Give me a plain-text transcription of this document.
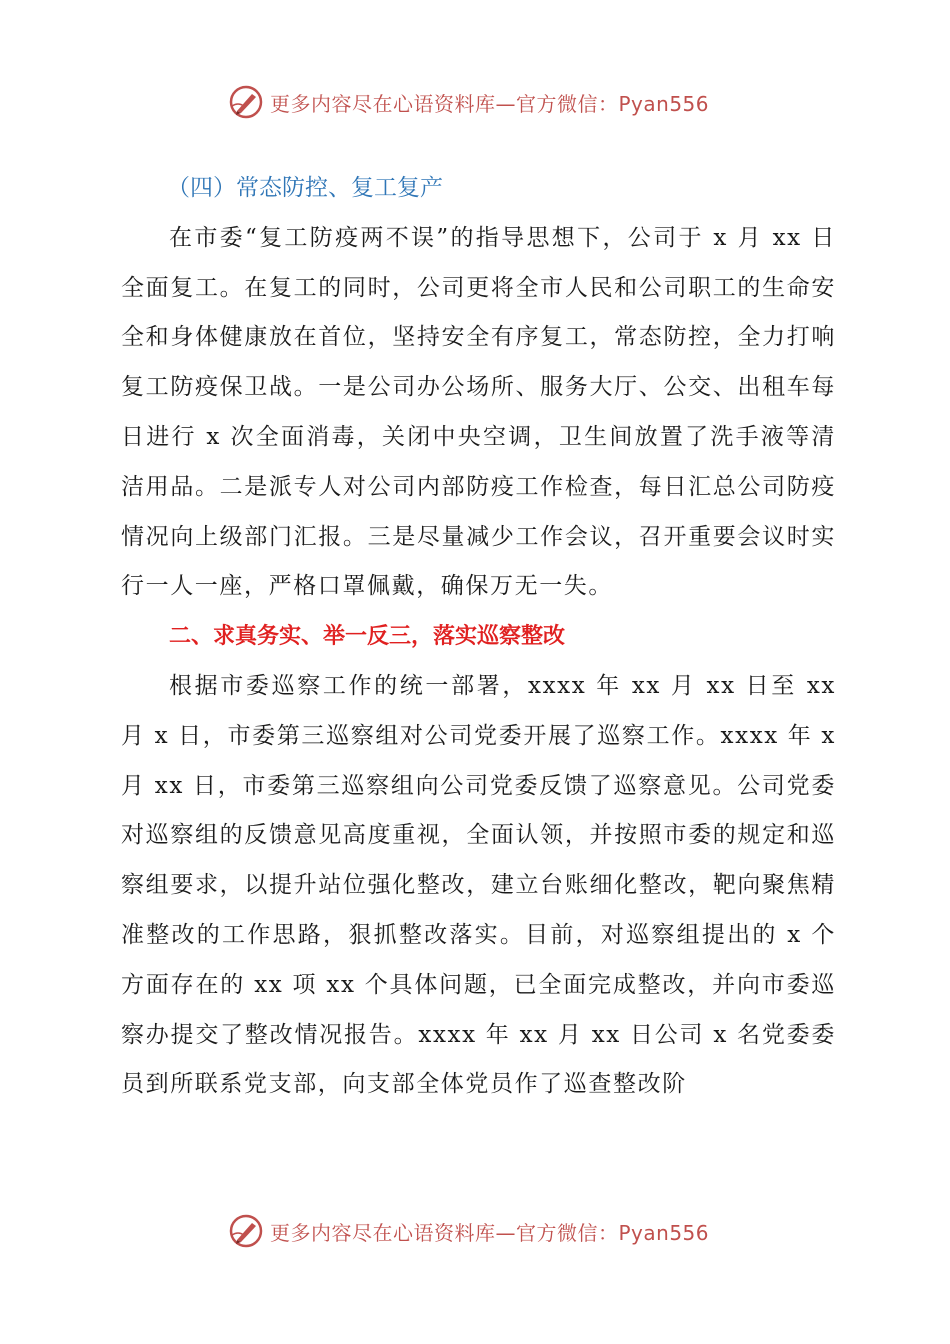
更多内容尽在心语资料库—官方微信：Pyan556
（四）常态防控、复工复产

在市委“复工防疫两不误”的指导思想下，公司于 x 月 xx 日全面复工。在复工的同时，公司更将全市人民和公司职工的生命安全和身体健康放在首位，坚持安全有序复工，常态防控，全力打响复工防疫保卫战。一是公司办公场所、服务大厅、公交、出租车每日进行 x 次全面消毒，关闭中央空调，卫生间放置了洗手液等清洁用品。二是派专人对公司内部防疫工作检查，每日汇总公司防疫情况向上级部门汇报。三是尽量减少工作会议，召开重要会议时实行一人一座，严格口罩佩戴，确保万无一失。

二、求真务实、举一反三，落实巡察整改

根据市委巡察工作的统一部署，xxxx 年 xx 月 xx 日至 xx 月 x 日，市委第三巡察组对公司党委开展了巡察工作。xxxx 年 x 月 xx 日，市委第三巡察组向公司党委反馈了巡察意见。公司党委对巡察组的反馈意见高度重视，全面认领，并按照市委的规定和巡察组要求，以提升站位强化整改，建立台账细化整改，靶向聚焦精准整改的工作思路，狠抓整改落实。目前，对巡察组提出的 x 个方面存在的 xx 项 xx 个具体问题，已全面完成整改，并向市委巡察办提交了整改情况报告。xxxx 年 xx 月 xx 日公司 x 名党委委员到所联系党支部，向支部全体党员作了巡查整改阶

更多内容尽在心语资料库—官方微信：Pyan556
